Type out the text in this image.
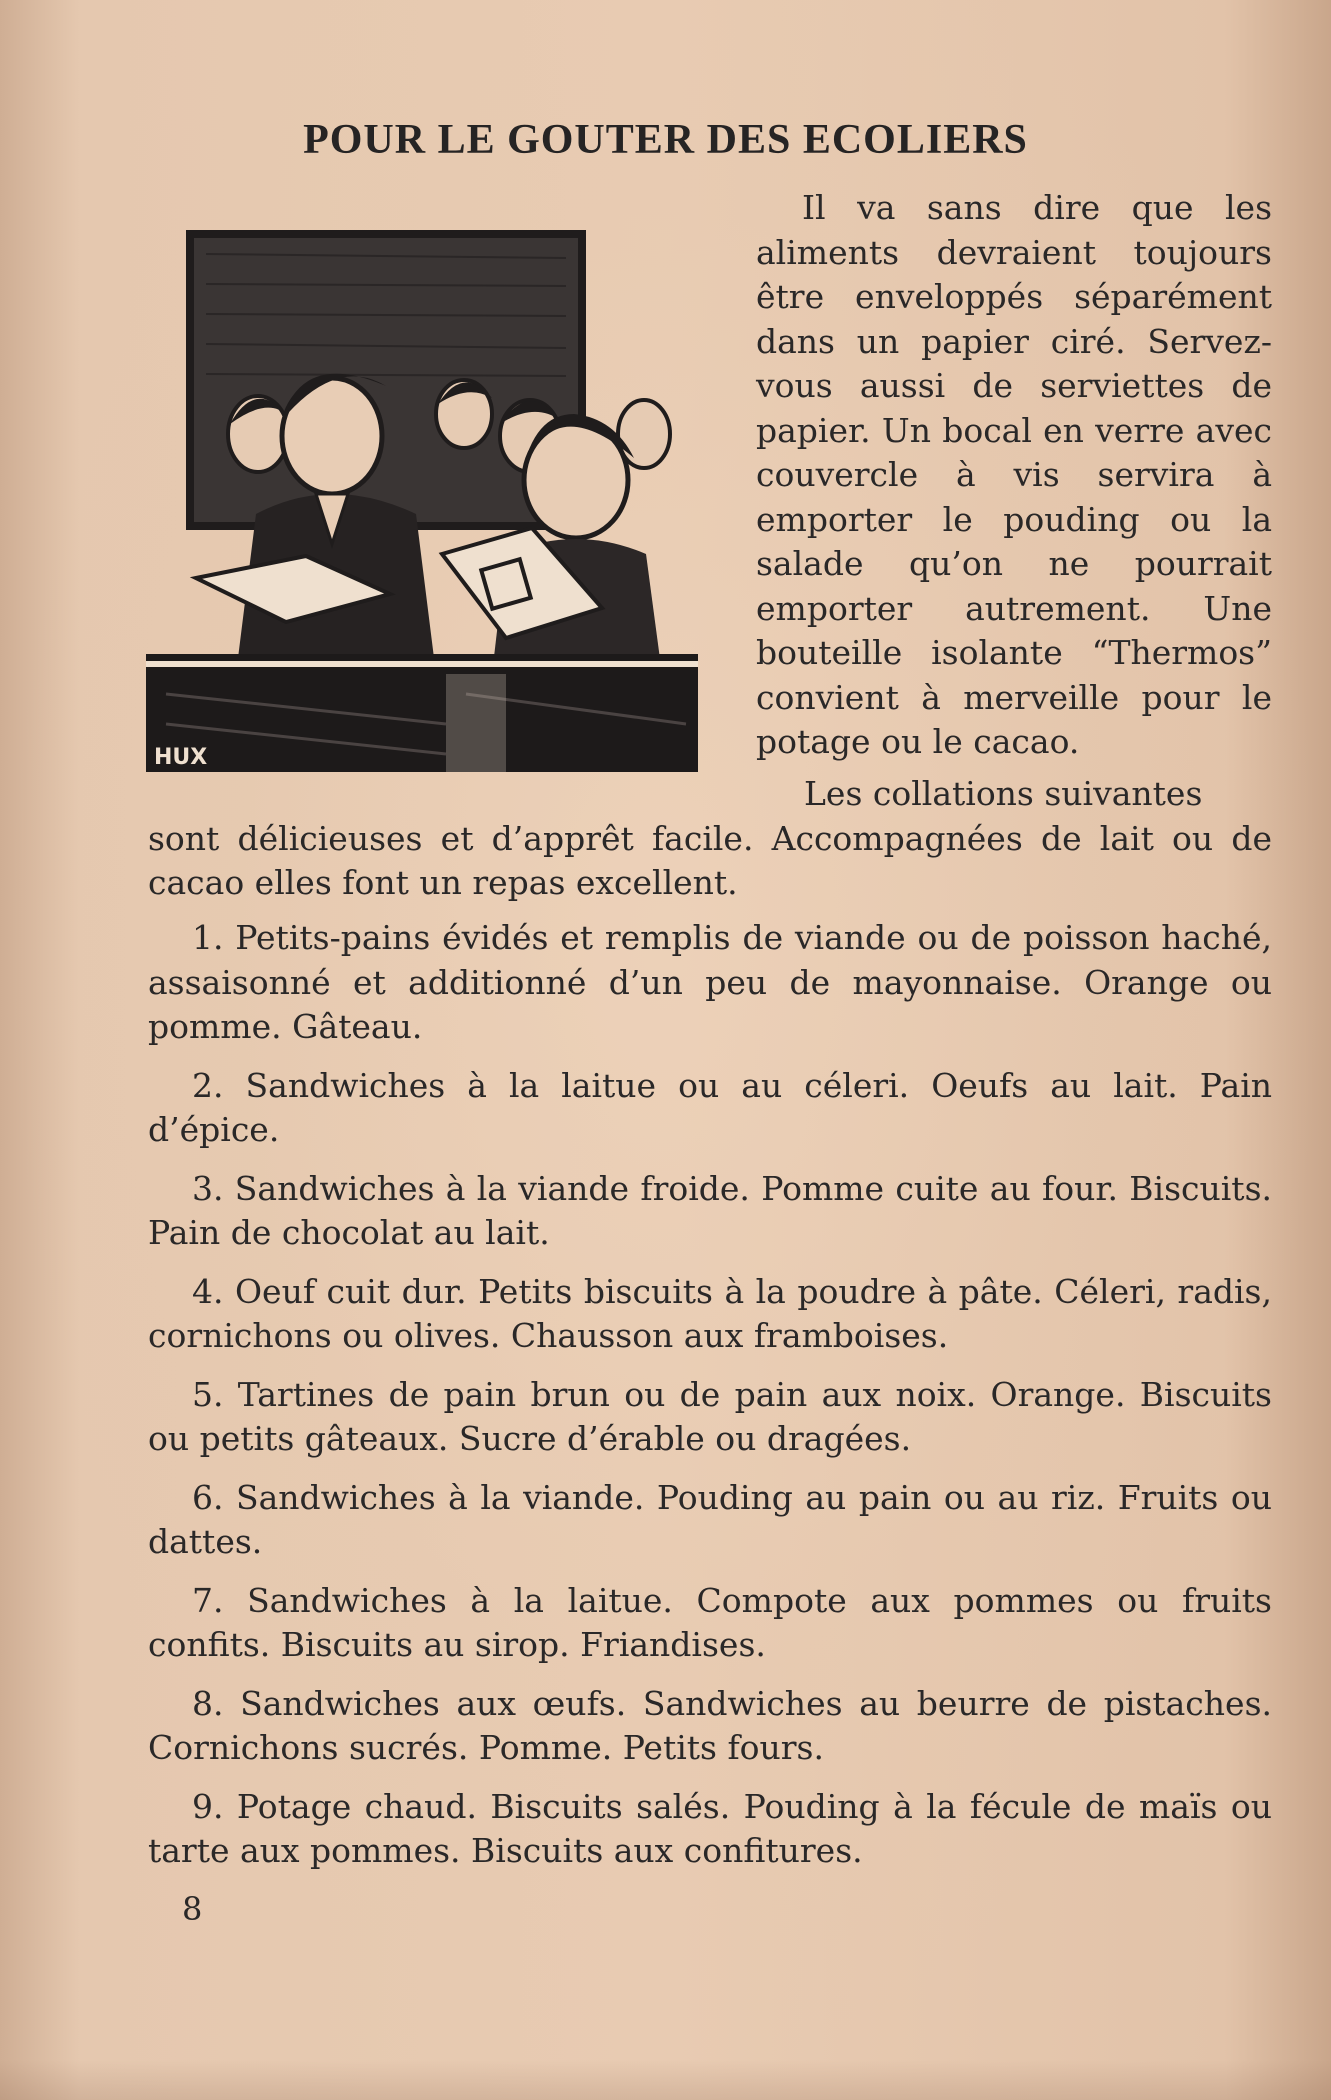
POUR LE GOUTER DES ECOLIERS
HUX

Il va sans dire que les aliments devraient toujours être enveloppés séparément dans un papier ciré. Servez-vous aussi de serviettes de papier. Un bocal en verre avec couvercle à vis servira à emporter le pouding ou la salade qu’on ne pourrait emporter autrement. Une bouteille isolante “Thermos” convient à merveille pour le potage ou le cacao.

Les collations suivantes
sont délicieuses et d’apprêt facile. Accompagnées de lait ou de cacao elles font un repas excellent.

1. Petits-pains évidés et remplis de viande ou de poisson haché, assaisonné et additionné d’un peu de mayonnaise. Orange ou pomme. Gâteau.

2. Sandwiches à la laitue ou au céleri. Oeufs au lait. Pain d’épice.

3. Sandwiches à la viande froide. Pomme cuite au four. Biscuits. Pain de chocolat au lait.

4. Oeuf cuit dur. Petits biscuits à la poudre à pâte. Céleri, radis, cornichons ou olives. Chausson aux framboises.

5. Tartines de pain brun ou de pain aux noix. Orange. Biscuits ou petits gâteaux. Sucre d’érable ou dragées.

6. Sandwiches à la viande. Pouding au pain ou au riz. Fruits ou dattes.

7. Sandwiches à la laitue. Compote aux pommes ou fruits confits. Biscuits au sirop. Friandises.

8. Sandwiches aux œufs. Sandwiches au beurre de pistaches. Cornichons sucrés. Pomme. Petits fours.

9. Potage chaud. Biscuits salés. Pouding à la fécule de maïs ou tarte aux pommes. Biscuits aux confitures.

8
